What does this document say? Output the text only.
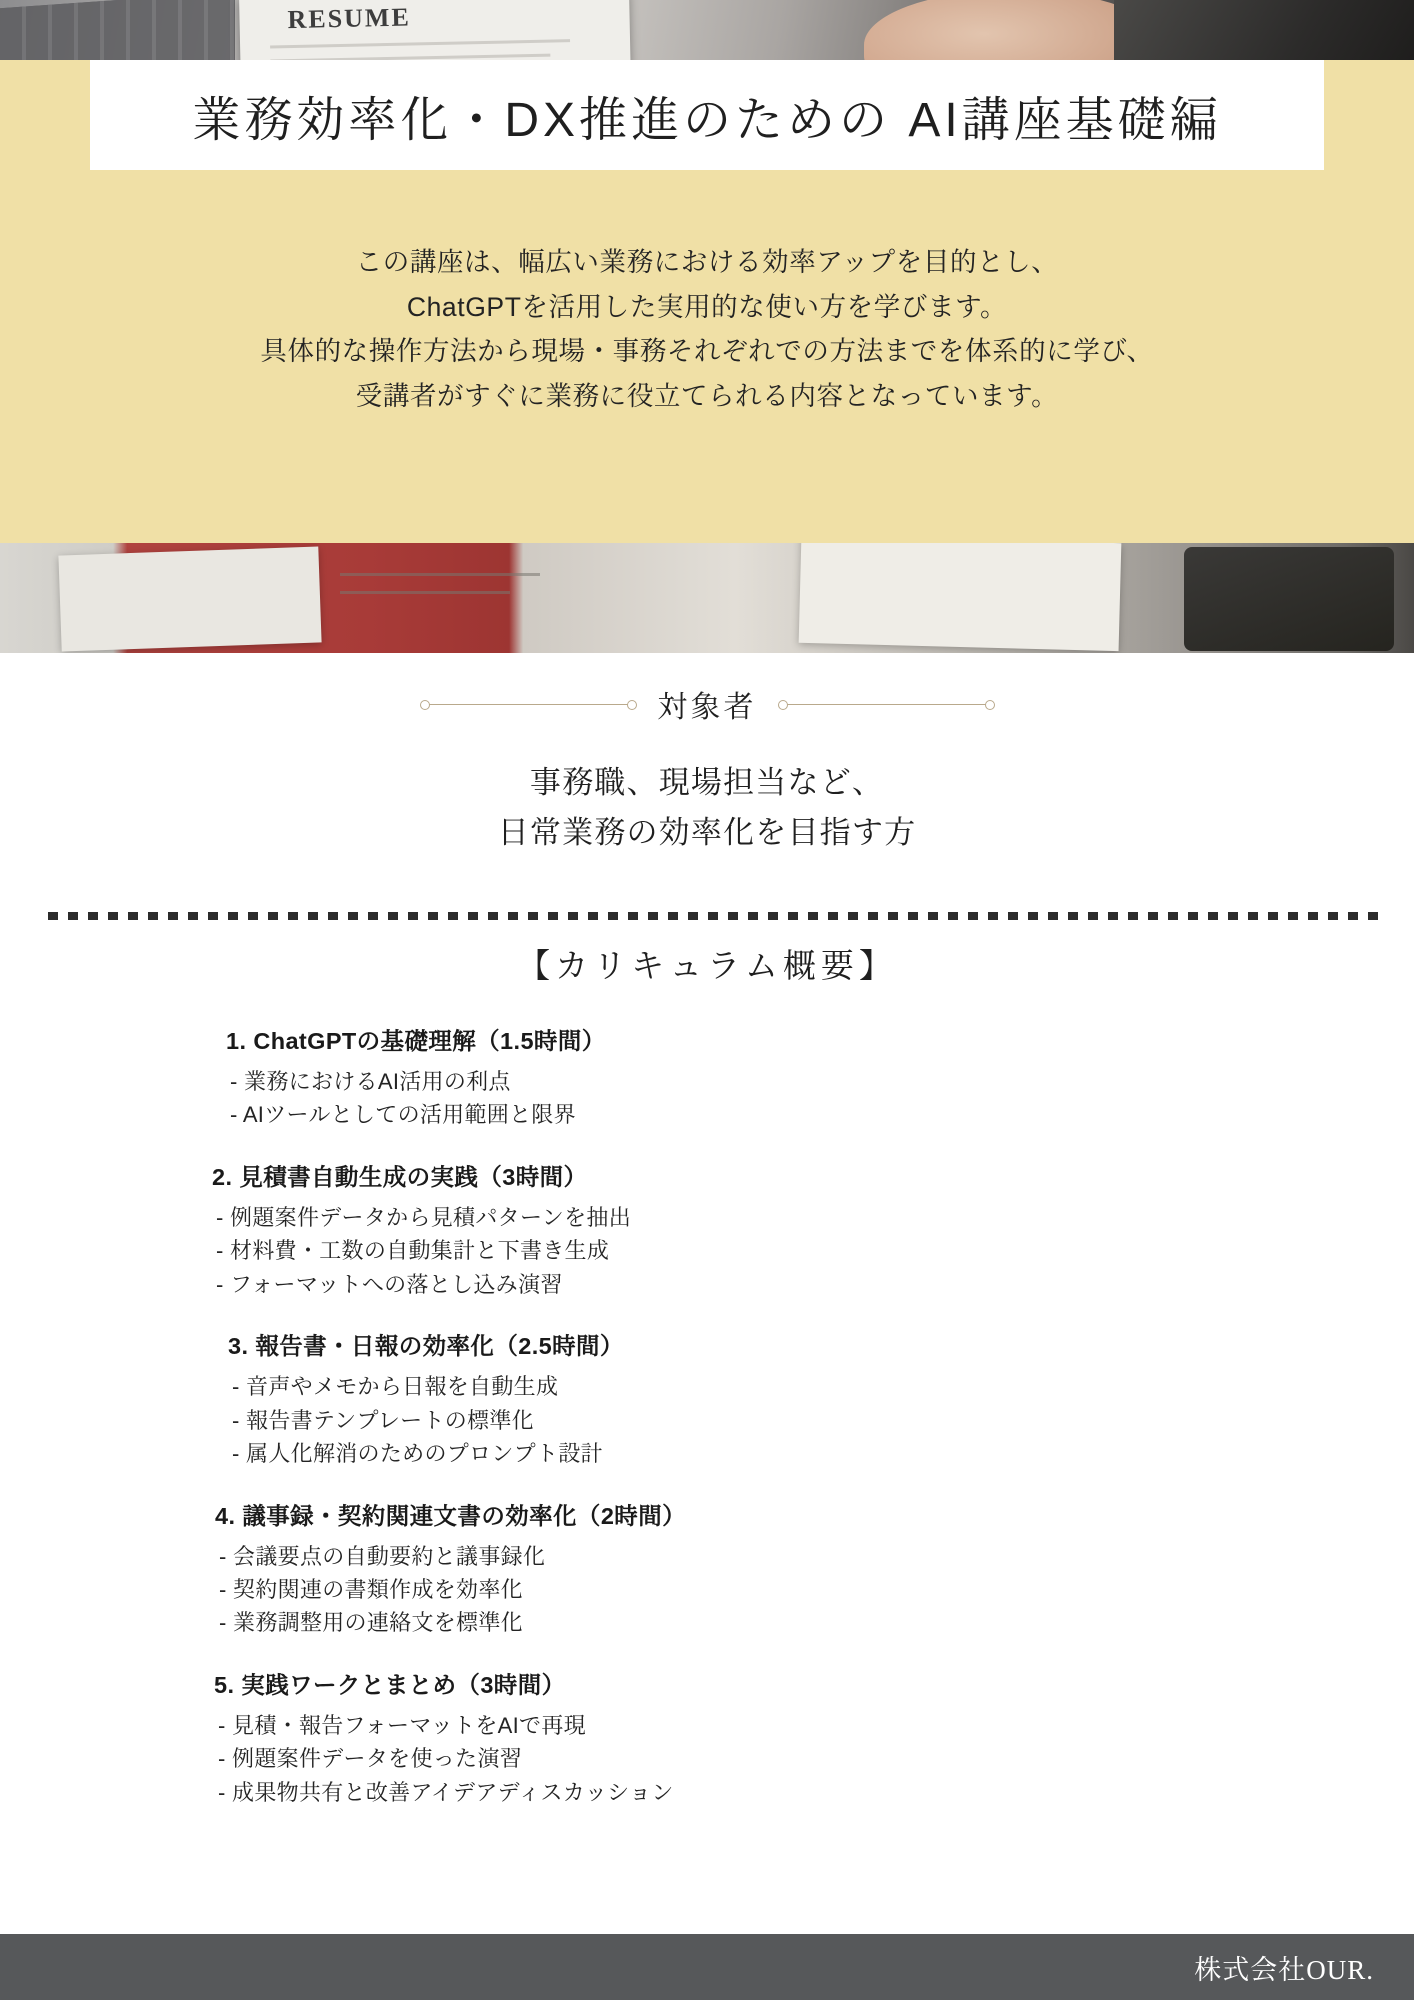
RESUME
業務効率化・DX推進のための AI講座基礎編
この講座は、幅広い業務における効率アップを目的とし、
ChatGPTを活用した実用的な使い方を学びます。
具体的な操作方法から現場・事務それぞれでの方法までを体系的に学び、
受講者がすぐに業務に役立てられる内容となっています。
対象者
事務職、現場担当など、
日常業務の効率化を目指す方
【カリキュラム概要】
1. ChatGPTの基礎理解（1.5時間）
- 業務におけるAI活用の利点
- AIツールとしての活用範囲と限界
2. 見積書自動生成の実践（3時間）
- 例題案件データから見積パターンを抽出
- 材料費・工数の自動集計と下書き生成
- フォーマットへの落とし込み演習
3. 報告書・日報の効率化（2.5時間）
- 音声やメモから日報を自動生成
- 報告書テンプレートの標準化
- 属人化解消のためのプロンプト設計
4. 議事録・契約関連文書の効率化（2時間）
- 会議要点の自動要約と議事録化
- 契約関連の書類作成を効率化
- 業務調整用の連絡文を標準化
5. 実践ワークとまとめ（3時間）
- 見積・報告フォーマットをAIで再現
- 例題案件データを使った演習
- 成果物共有と改善アイデアディスカッション
株式会社OUR.
